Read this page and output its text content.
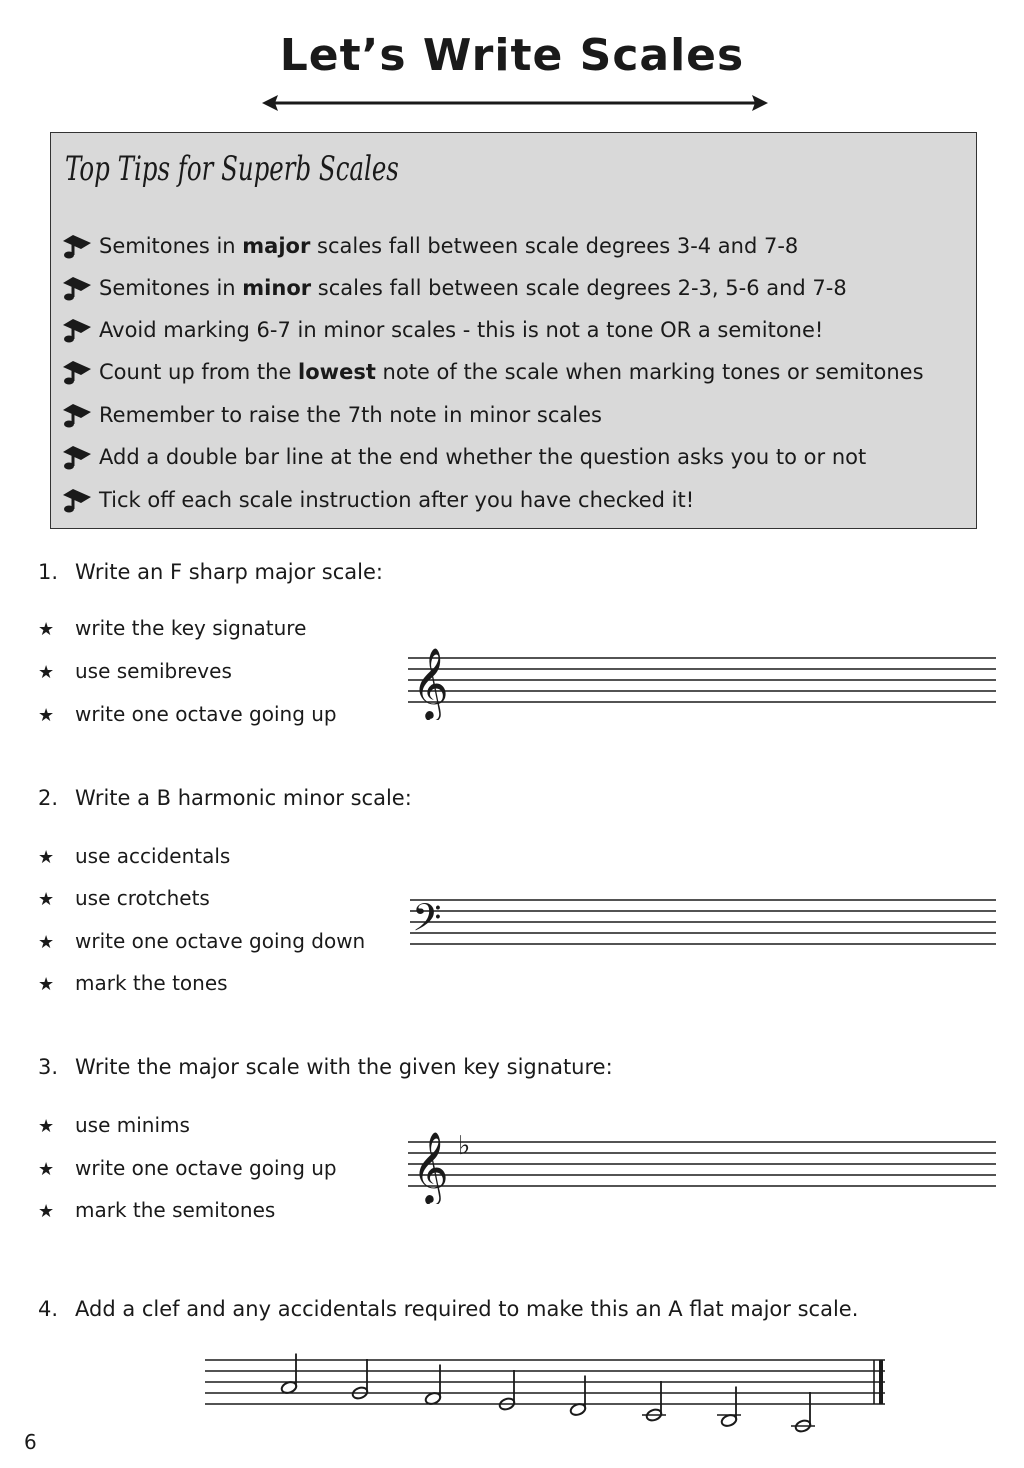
Let’s Write Scales
Top Tips for Superb Scales
Semitones in major scales fall between scale degrees 3-4 and 7-8
Semitones in minor scales fall between scale degrees 2-3, 5-6 and 7-8
Avoid marking 6-7 in minor scales - this is not a tone OR a semitone!
Count up from the lowest note of the scale when marking tones or semitones
Remember to raise the 7th note in minor scales
Add a double bar line at the end whether the question asks you to or not
Tick off each scale instruction after you have checked it!
1. Write an F sharp major scale:
★ write the key signature
★ use semibreves
★ write one octave going up
2. Write a B harmonic minor scale:
★ use accidentals
★ use crotchets
★ write one octave going down
★ mark the tones
3. Write the major scale with the given key signature:
★ use minims
★ write one octave going up
★ mark the semitones
4. Add a clef and any accidentals required to make this an A flat major scale.
𝄞
𝄢
𝄞 ♭
6
